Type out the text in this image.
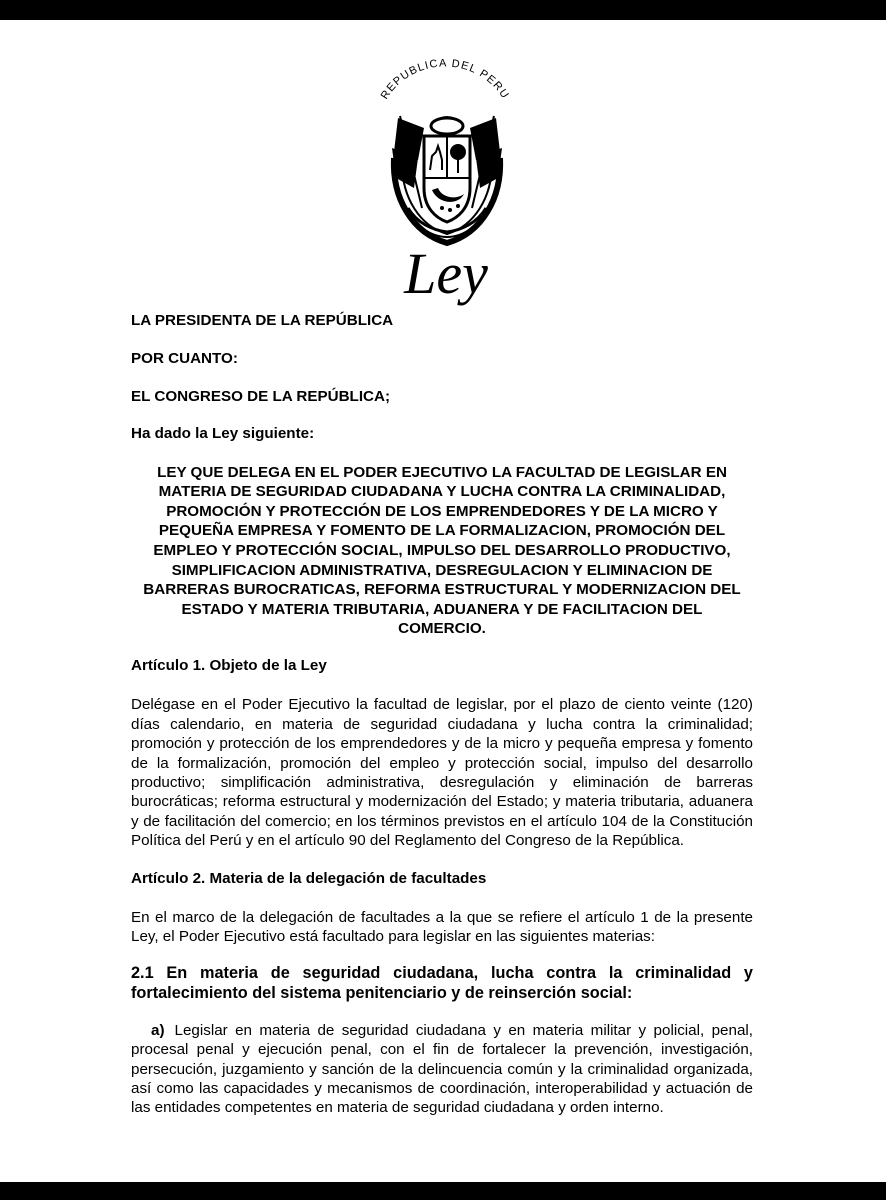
REPUBLICA DEL PERU
Ley

LA PRESIDENTA DE LA REPÚBLICA

POR CUANTO:

EL CONGRESO DE LA REPÚBLICA;

Ha dado la Ley siguiente:

LEY QUE DELEGA EN EL PODER EJECUTIVO LA FACULTAD DE LEGISLAR EN MATERIA DE SEGURIDAD CIUDADANA Y LUCHA CONTRA LA CRIMINALIDAD, PROMOCIÓN Y PROTECCIÓN DE LOS EMPRENDEDORES Y DE LA MICRO Y PEQUEÑA EMPRESA Y FOMENTO DE LA FORMALIZACION, PROMOCIÓN DEL EMPLEO Y PROTECCIÓN SOCIAL, IMPULSO DEL DESARROLLO PRODUCTIVO, SIMPLIFICACION ADMINISTRATIVA, DESREGULACION Y ELIMINACION DE BARRERAS BUROCRATICAS, REFORMA ESTRUCTURAL Y MODERNIZACION DEL ESTADO Y MATERIA TRIBUTARIA, ADUANERA Y DE FACILITACION DEL COMERCIO.

Artículo 1. Objeto de la Ley

Delégase en el Poder Ejecutivo la facultad de legislar, por el plazo de ciento veinte (120) días calendario, en materia de seguridad ciudadana y lucha contra la criminalidad; promoción y protección de los emprendedores y de la micro y pequeña empresa y fomento de la formalización, promoción del empleo y protección social, impulso del desarrollo productivo; simplificación administrativa, desregulación y eliminación de barreras burocráticas; reforma estructural y modernización del Estado; y materia tributaria, aduanera y de facilitación del comercio; en los términos previstos en el artículo 104 de la Constitución Política del Perú y en el artículo 90 del Reglamento del Congreso de la República.

Artículo 2. Materia de la delegación de facultades

En el marco de la delegación de facultades a la que se refiere el artículo 1 de la presente Ley, el Poder Ejecutivo está facultado para legislar en las siguientes materias:

2.1 En materia de seguridad ciudadana, lucha contra la criminalidad y fortalecimiento del sistema penitenciario y de reinserción social:

a) Legislar en materia de seguridad ciudadana y en materia militar y policial, penal, procesal penal y ejecución penal, con el fin de fortalecer la prevención, investigación, persecución, juzgamiento y sanción de la delincuencia común y la criminalidad organizada, así como las capacidades y mecanismos de coordinación, interoperabilidad y actuación de las entidades competentes en materia de seguridad ciudadana y orden interno.
